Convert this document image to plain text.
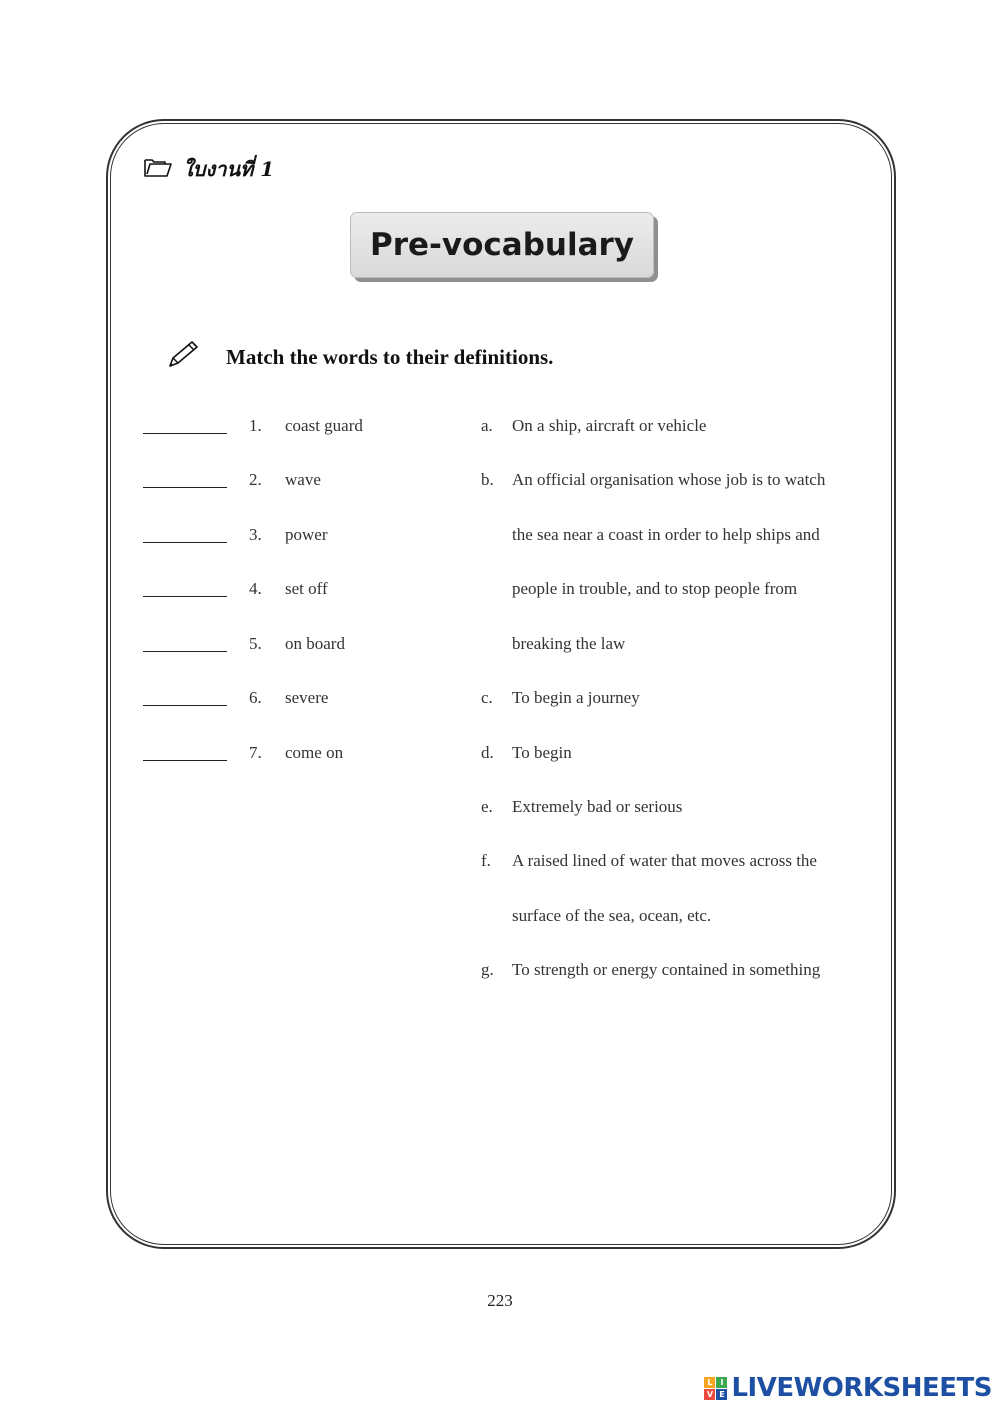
ใบงานที่ 1
Pre-vocabulary
Match the words to their definitions.
1. coast guard	a. On a ship, aircraft or vehicle
2. wave	b. An official organisation whose job is to watch
3. power	the sea near a coast in order to help ships and
4. set off	people in trouble, and to stop people from
5. on board	breaking the law
6. severe	c. To begin a journey
7. come on	d. To begin
e. Extremely bad or serious
f. A raised lined of water that moves across the
surface of the sea, ocean, etc.
g. To strength or energy contained in something
223
L I
V E LIVEWORKSHEETS
